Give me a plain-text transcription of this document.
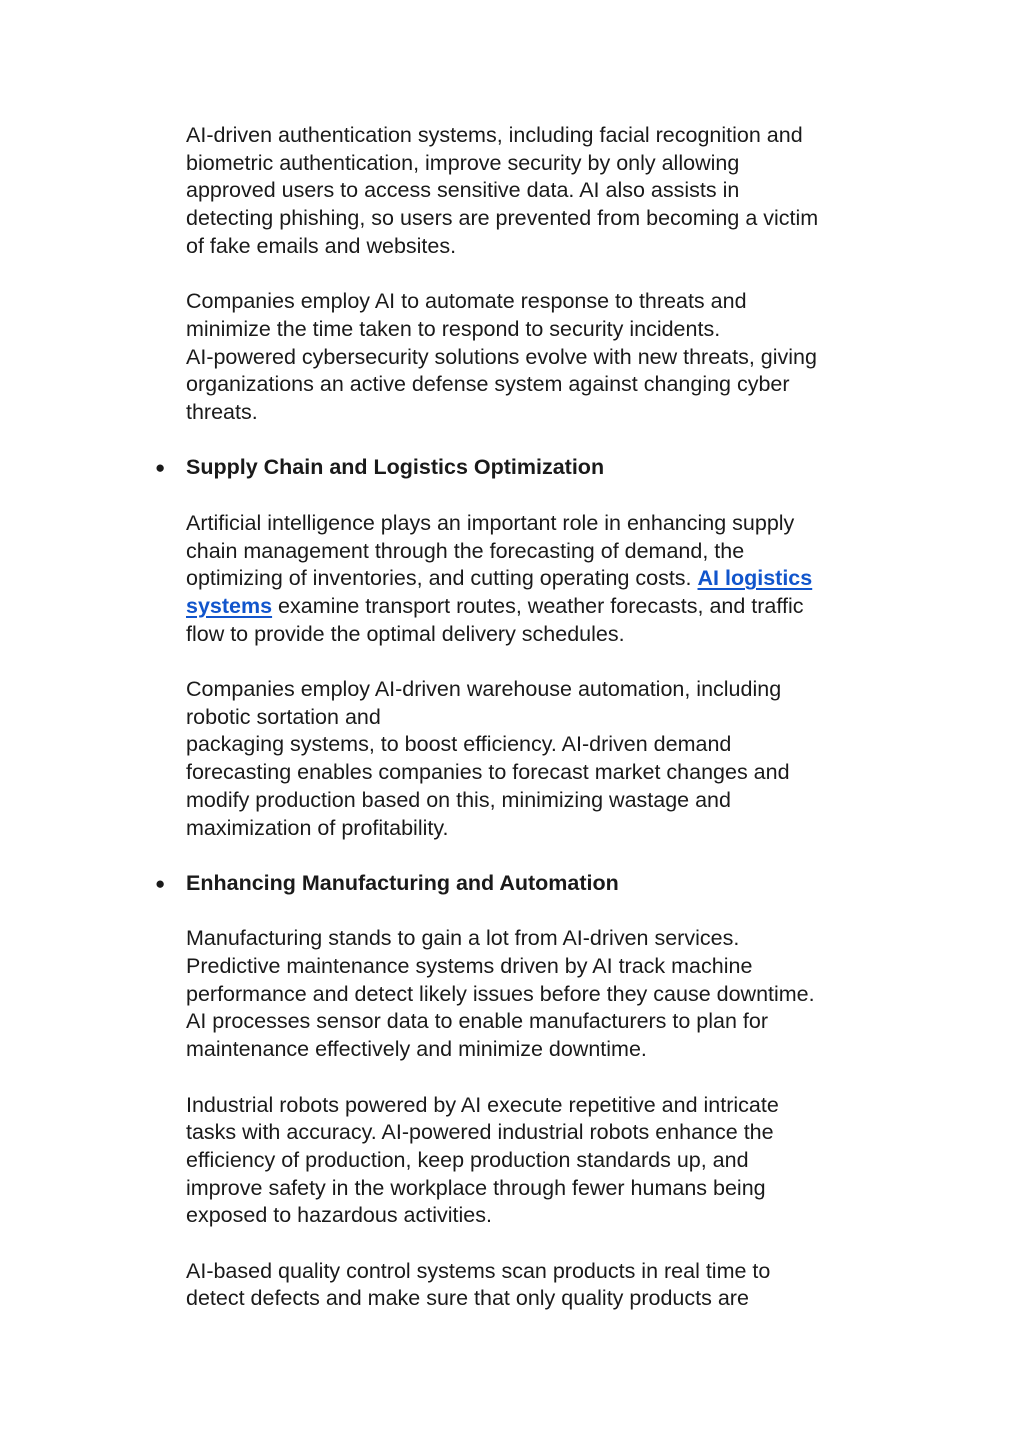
AI-driven authentication systems, including facial recognition and
biometric authentication, improve security by only allowing
approved users to access sensitive data. AI also assists in
detecting phishing, so users are prevented from becoming a victim
of fake emails and websites.

Companies employ AI to automate response to threats and
minimize the time taken to respond to security incidents.
AI-powered cybersecurity solutions evolve with new threats, giving
organizations an active defense system against changing cyber
threats.

● Supply Chain and Logistics Optimization

Artificial intelligence plays an important role in enhancing supply
chain management through the forecasting of demand, the
optimizing of inventories, and cutting operating costs. AI logistics
systems examine transport routes, weather forecasts, and traffic
flow to provide the optimal delivery schedules.

Companies employ AI-driven warehouse automation, including
robotic sortation and
packaging systems, to boost efficiency. AI-driven demand
forecasting enables companies to forecast market changes and
modify production based on this, minimizing wastage and
maximization of profitability.

● Enhancing Manufacturing and Automation

Manufacturing stands to gain a lot from AI-driven services.
Predictive maintenance systems driven by AI track machine
performance and detect likely issues before they cause downtime.
AI processes sensor data to enable manufacturers to plan for
maintenance effectively and minimize downtime.

Industrial robots powered by AI execute repetitive and intricate
tasks with accuracy. AI-powered industrial robots enhance the
efficiency of production, keep production standards up, and
improve safety in the workplace through fewer humans being
exposed to hazardous activities.

AI-based quality control systems scan products in real time to
detect defects and make sure that only quality products are
